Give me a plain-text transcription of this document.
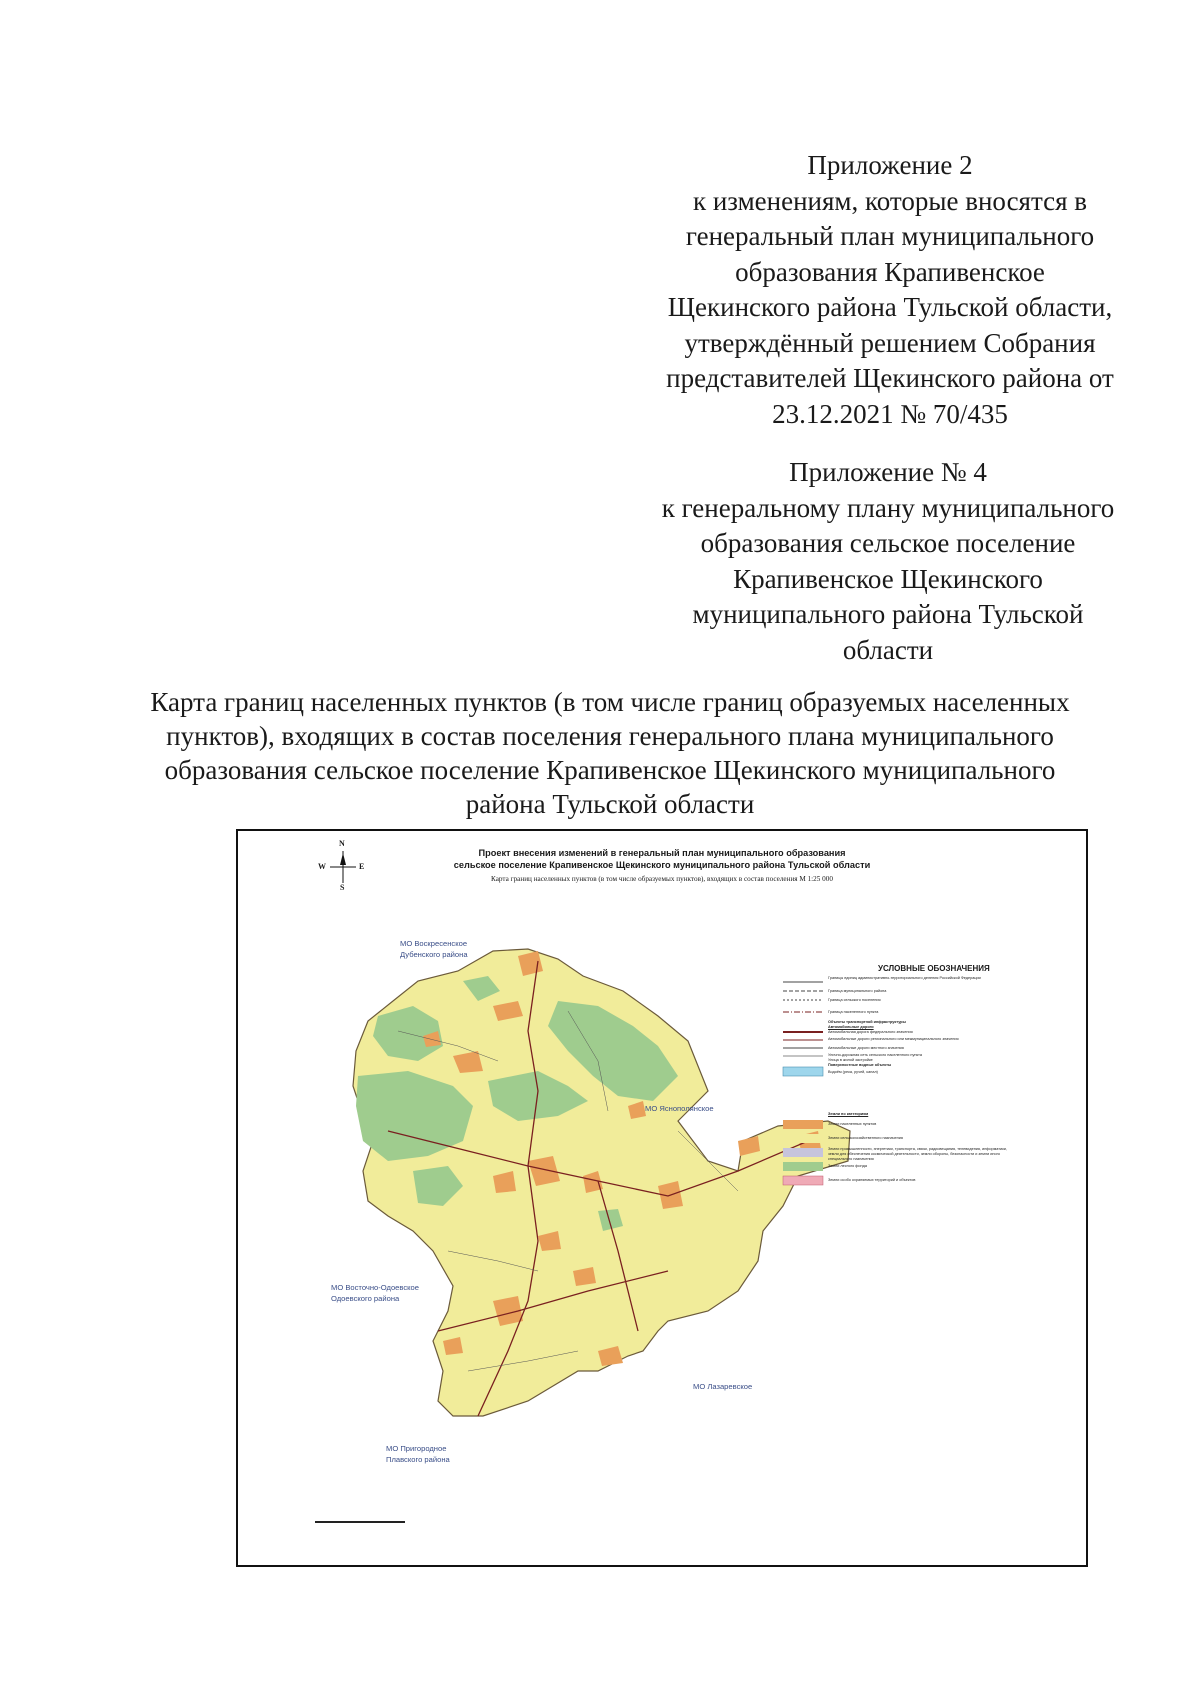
Приложение 2
к изменениям, которые вносятся в
генеральный план муниципального
образования Крапивенское
Щекинского района Тульской области,
утверждённый решением Собрания
представителей Щекинского района от
23.12.2021 № 70/435
Приложение № 4
к генеральному плану муниципального
образования сельское поселение
Крапивенское Щекинского
муниципального района Тульской
области
Карта границ населенных пунктов (в том числе границ образуемых населенных
пунктов), входящих в состав поселения генерального плана муниципального
образования сельское поселение Крапивенское Щекинского муниципального
района Тульской области
Проект внесения изменений в генеральный план муниципального образования
сельское поселение Крапивенское Щекинского муниципального района Тульской области
Карта границ населенных пунктов (в том числе образуемых пунктов), входящих в состав поселения М 1:25 000
N
S
W	E
МО Воскресенское
Дубенского района
МО Яснополянское
МО Восточно-Одоевское
Одоевского района
МО Лазаревское
МО Пригородное
Плавского района
УСЛОВНЫЕ ОБОЗНАЧЕНИЯ
Границы единиц административно-территориального деления Российской Федерации
Граница муниципального района
Граница сельского поселения
Граница населенного пункта
Объекты транспортной инфраструктуры
Автомобильные дороги
Автомобильная дорога федерального значения
Автомобильные дороги регионального или межмуниципального значения
Автомобильные дороги местного значения
Улично-дорожная сеть сельского населенного пункта
Улица в жилой застройке
Поверхностные водные объекты
Водоём (река, ручей, канал)
Земли по категориям
Земли населенных пунктов
Земли сельскохозяйственного назначения
Земли промышленности, энергетики, транспорта, связи, радиовещания, телевидения, информатики, земли для обеспечения космической деятельности, земли обороны, безопасности и земли иного специального назначения
Земли лесного фонда
Земли особо охраняемых территорий и объектов
